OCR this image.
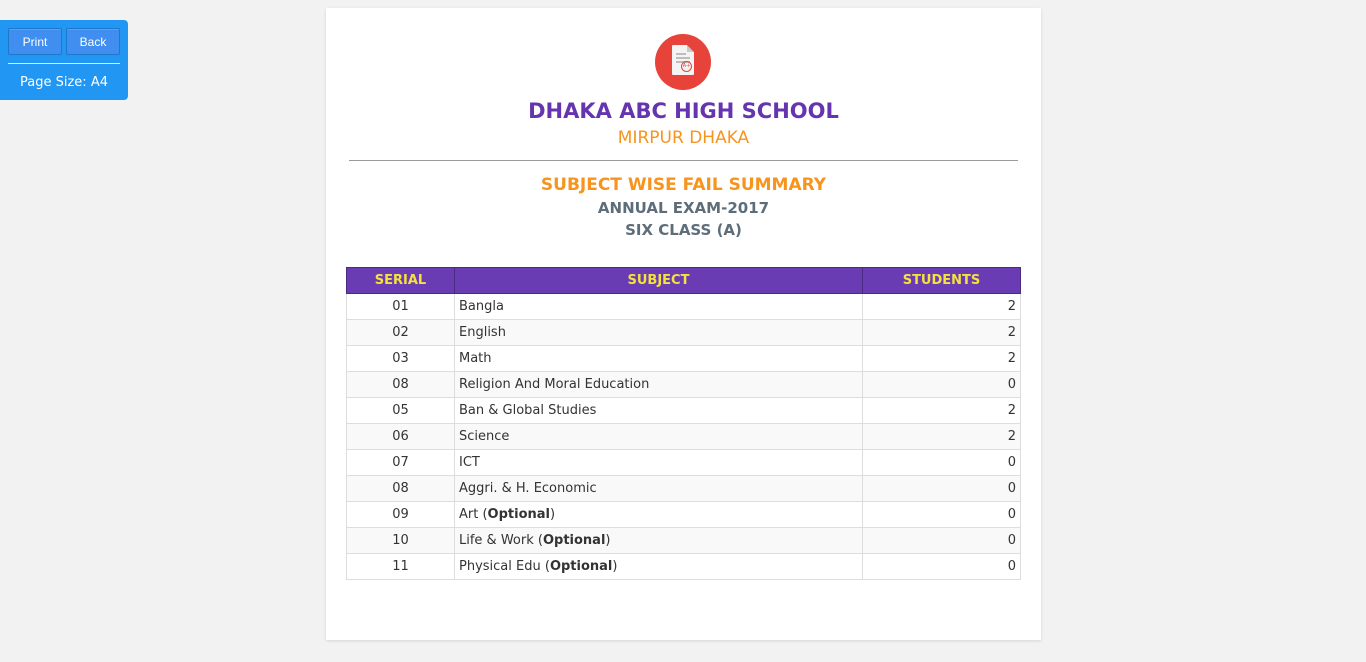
Print	Back
Page Size: A4
A+
DHAKA ABC HIGH SCHOOL
MIRPUR DHAKA
SUBJECT WISE FAIL SUMMARY
ANNUAL EXAM-2017
SIX CLASS (A)
SERIAL	SUBJECT	STUDENTS
01	Bangla	2
02	English	2
03	Math	2
08	Religion And Moral Education	0
05	Ban & Global Studies	2
06	Science	2
07	ICT	0
08	Aggri. & H. Economic	0
09	Art (Optional)	0
10	Life & Work (Optional)	0
11	Physical Edu (Optional)	0
